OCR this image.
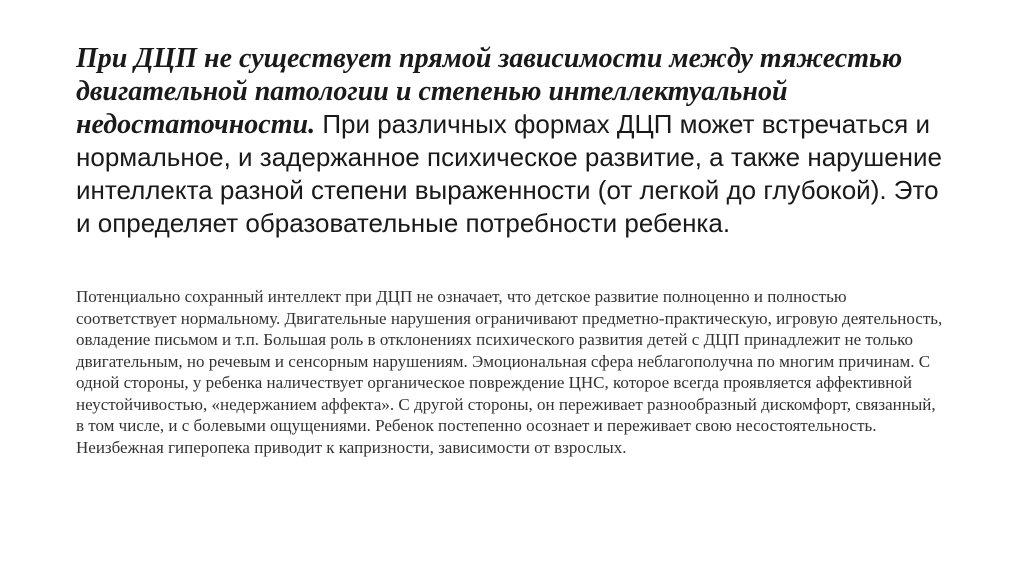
При ДЦП не существует прямой зависимости между тяжестью двигательной патологии и степенью интеллектуальной недостаточности. При различных формах ДЦП может встречаться и нормальное, и задержанное психическое развитие, а также нарушение интеллекта разной степени выраженности (от легкой до глубокой). Это и определяет образовательные потребности ребенка.

Потенциально сохранный интеллект при ДЦП не означает, что детское развитие полноценно и полностью соответствует нормальному. Двигательные нарушения ограничивают предметно-практическую, игровую деятельность, овладение письмом и т.п. Большая роль в отклонениях психического развития детей с ДЦП принадлежит не только двигательным, но речевым и сенсорным нарушениям. Эмоциональная сфера неблагополучна по многим причинам. С одной стороны, у ребенка наличествует органическое повреждение ЦНС, которое всегда проявляется аффективной неустойчивостью, «недержанием аффекта». С другой стороны, он переживает разнообразный дискомфорт, связанный, в том числе, и с болевыми ощущениями. Ребенок постепенно осознает и переживает свою несостоятельность. Неизбежная гиперопека приводит к капризности, зависимости от взрослых.
